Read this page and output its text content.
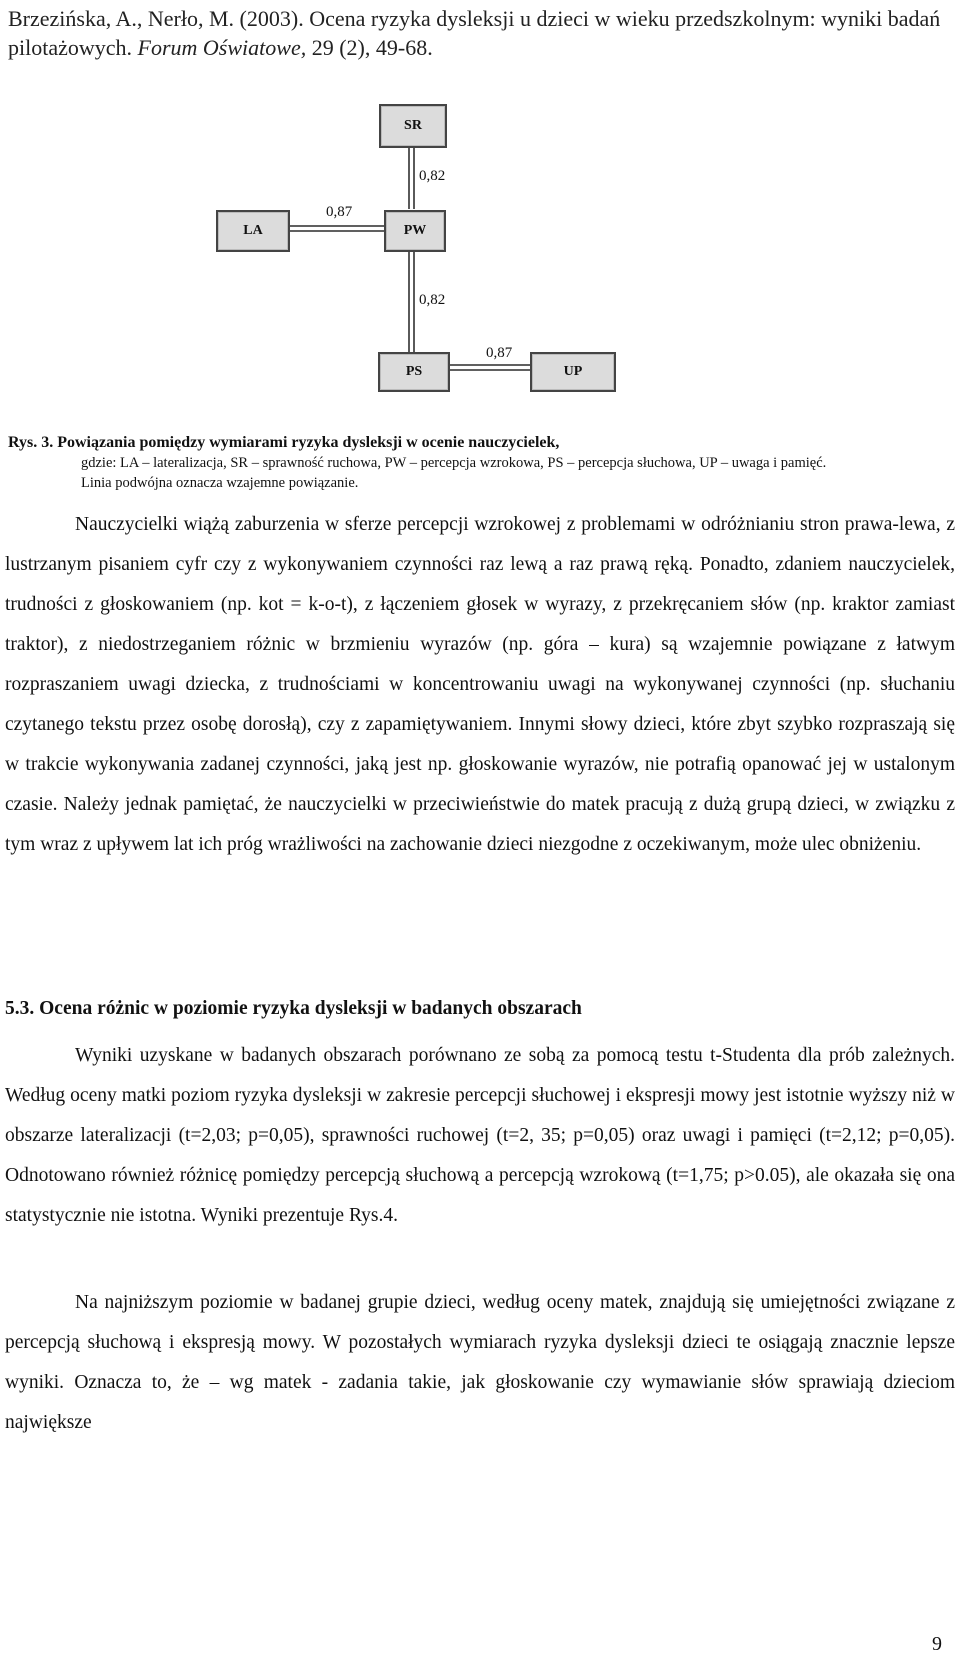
Brzezińska, A., Nerło, M. (2003). Ocena ryzyka dysleksji u dzieci w wieku przedszkolnym: wyniki badań pilotażowych. Forum Oświatowe, 29 (2), 49-68.
SR
LA	PW
PS	UP
0,82
0,87
0,82
0,87
Rys. 3. Powiązania pomiędzy wymiarami ryzyka dysleksji w ocenie nauczycielek,
gdzie: LA – lateralizacja, SR – sprawność ruchowa, PW – percepcja wzrokowa, PS – percepcja słuchowa, UP – uwaga i pamięć.
Linia podwójna oznacza wzajemne powiązanie.

Nauczycielki wiążą zaburzenia w sferze percepcji wzrokowej z problemami w odróżnianiu stron prawa-lewa, z lustrzanym pisaniem cyfr czy z wykonywaniem czynności raz lewą a raz prawą ręką. Ponadto, zdaniem nauczycielek, trudności z głoskowaniem (np. kot = k-o-t), z łączeniem głosek w wyrazy, z przekręcaniem słów (np. kraktor zamiast traktor), z niedostrzeganiem różnic w brzmieniu wyrazów (np. góra – kura) są wzajemnie powiązane z łatwym rozpraszaniem uwagi dziecka, z trudnościami w koncentrowaniu uwagi na wykonywanej czynności (np. słuchaniu czytanego tekstu przez osobę dorosłą), czy z zapamiętywaniem. Innymi słowy dzieci, które zbyt szybko rozpraszają się w trakcie wykonywania zadanej czynności, jaką jest np. głoskowanie wyrazów, nie potrafią opanować jej w ustalonym czasie. Należy jednak pamiętać, że nauczycielki w przeciwieństwie do matek pracują z dużą grupą dzieci, w związku z tym wraz z upływem lat ich próg wrażliwości na zachowanie dzieci niezgodne z oczekiwanym, może ulec obniżeniu.

5.3. Ocena różnic w poziomie ryzyka dysleksji w badanych obszarach

Wyniki uzyskane w badanych obszarach porównano ze sobą za pomocą testu t-Studenta dla prób zależnych. Według oceny matki poziom ryzyka dysleksji w zakresie percepcji słuchowej i ekspresji mowy jest istotnie wyższy niż w obszarze lateralizacji (t=2,03; p=0,05), sprawności ruchowej (t=2, 35; p=0,05) oraz uwagi i pamięci (t=2,12; p=0,05). Odnotowano również różnicę pomiędzy percepcją słuchową a percepcją wzrokową (t=1,75; p>0.05), ale okazała się ona statystycznie nie istotna. Wyniki prezentuje Rys.4.

Na najniższym poziomie w badanej grupie dzieci, według oceny matek, znajdują się umiejętności związane z percepcją słuchową i ekspresją mowy. W pozostałych wymiarach ryzyka dysleksji dzieci te osiągają znacznie lepsze wyniki. Oznacza to, że – wg matek - zadania takie, jak głoskowanie czy wymawianie słów sprawiają dzieciom największe

9
